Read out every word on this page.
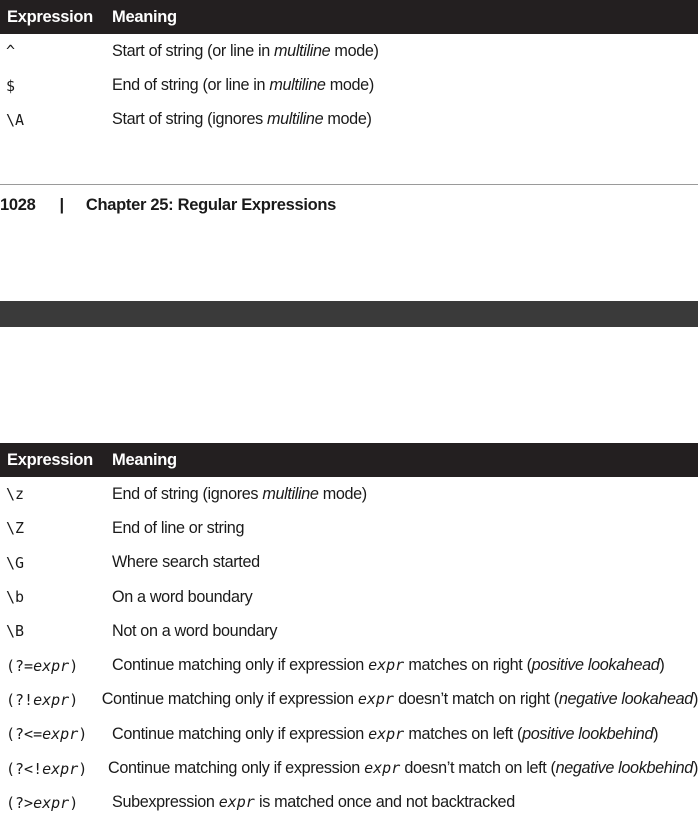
Expression	Meaning
^	Start of string (or line in multiline mode)
$	End of string (or line in multiline mode)
\A	Start of string (ignores multiline mode)
1028 | Chapter 25: Regular Expressions
Expression	Meaning
\z	End of string (ignores multiline mode)
\Z	End of line or string
\G	Where search started
\b	On a word boundary
\B	Not on a word boundary
(?=expr)	Continue matching only if expression expr matches on right (positive lookahead)
(?!expr)	Continue matching only if expression expr doesn’t match on right (negative lookahead)
(?<=expr)	Continue matching only if expression expr matches on left (positive lookbehind)
(?<!expr)	Continue matching only if expression expr doesn’t match on left (negative lookbehind)
(?>expr)	Subexpression expr is matched once and not backtracked
